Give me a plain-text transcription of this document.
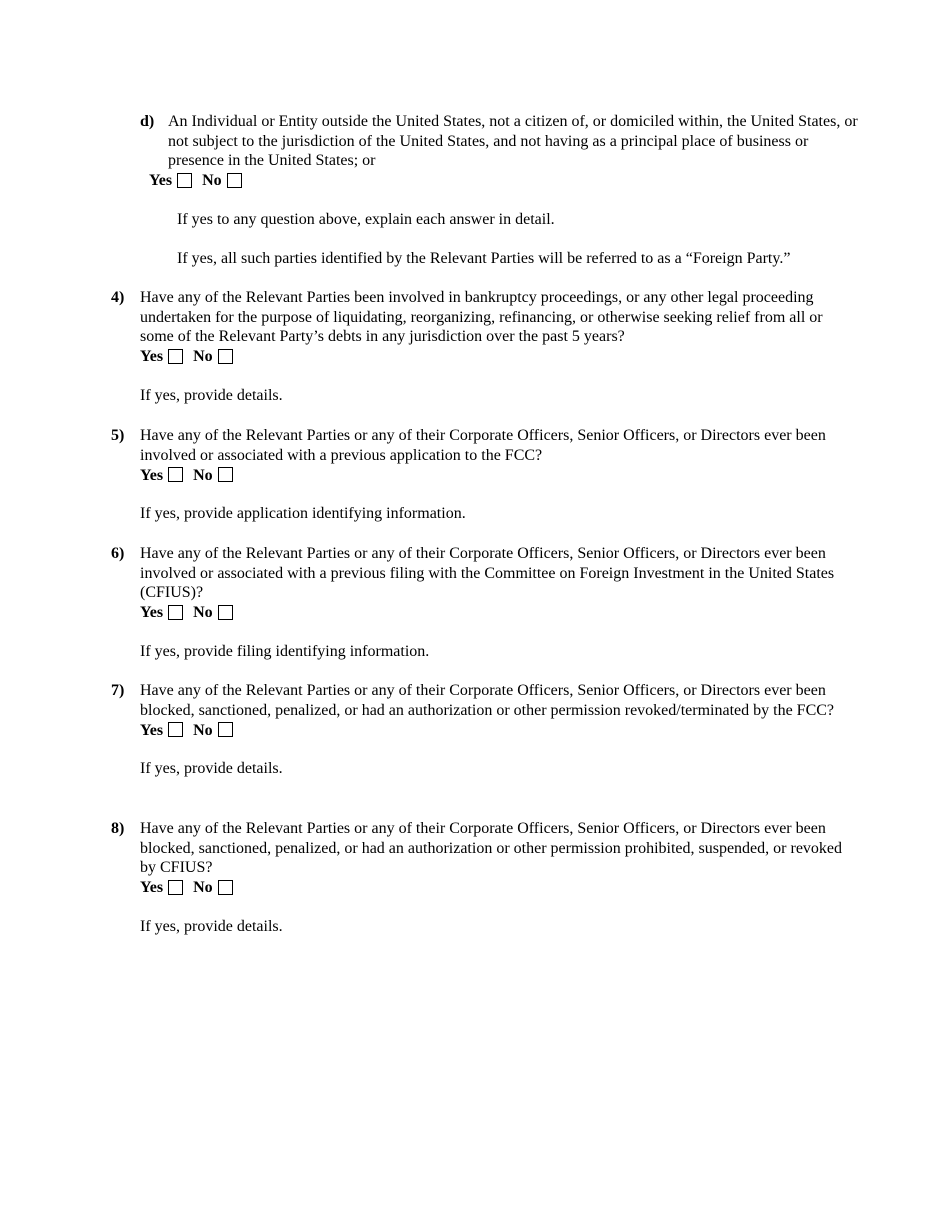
d) An Individual or Entity outside the United States, not a citizen of, or domiciled within, the United States, or not subject to the jurisdiction of the United States, and not having as a principal place of business or presence in the United States; or
Yes No
If yes to any question above, explain each answer in detail.
If yes, all such parties identified by the Relevant Parties will be referred to as a “Foreign Party.”
4) Have any of the Relevant Parties been involved in bankruptcy proceedings, or any other legal proceeding undertaken for the purpose of liquidating, reorganizing, refinancing, or otherwise seeking relief from all or some of the Relevant Party’s debts in any jurisdiction over the past 5 years?
Yes No
If yes, provide details.
5) Have any of the Relevant Parties or any of their Corporate Officers, Senior Officers, or Directors ever been involved or associated with a previous application to the FCC?
Yes No
If yes, provide application identifying information.
6) Have any of the Relevant Parties or any of their Corporate Officers, Senior Officers, or Directors ever been involved or associated with a previous filing with the Committee on Foreign Investment in the United States (CFIUS)?
Yes No
If yes, provide filing identifying information.
7) Have any of the Relevant Parties or any of their Corporate Officers, Senior Officers, or Directors ever been blocked, sanctioned, penalized, or had an authorization or other permission revoked/terminated by the FCC?
Yes No
If yes, provide details.
8) Have any of the Relevant Parties or any of their Corporate Officers, Senior Officers, or Directors ever been blocked, sanctioned, penalized, or had an authorization or other permission prohibited, suspended, or revoked by CFIUS?
Yes No
If yes, provide details.
